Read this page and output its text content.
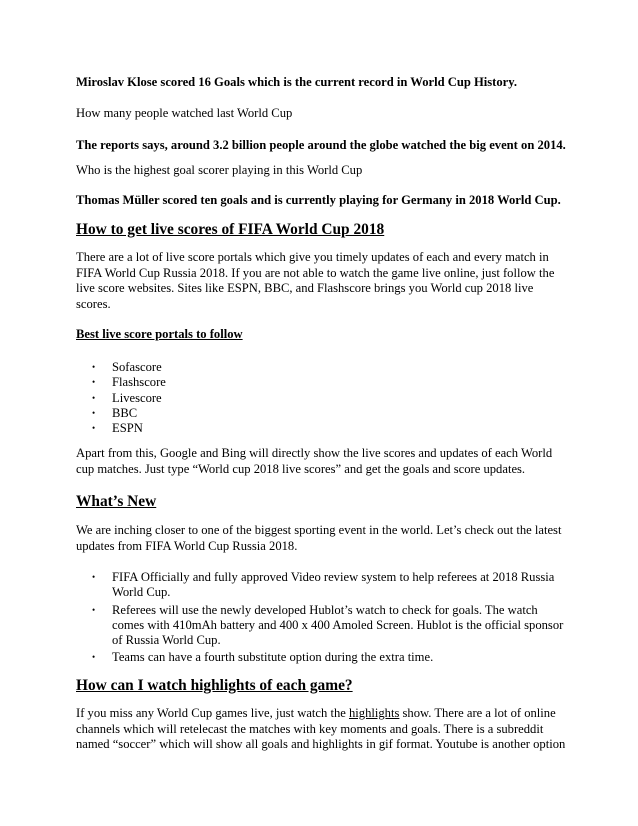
Miroslav Klose scored 16 Goals which is the current record in World Cup History.

How many people watched last World Cup

The reports says, around 3.2 billion people around the globe watched the big event on 2014.

Who is the highest goal scorer playing in this World Cup

Thomas Müller scored ten goals and is currently playing for Germany in 2018 World Cup.

How to get live scores of FIFA World Cup 2018

There are a lot of live score portals which give you timely updates of each and every match in FIFA World Cup Russia 2018. If you are not able to watch the game live online, just follow the live score websites. Sites like ESPN, BBC, and Flashscore brings you World cup 2018 live scores.

Best live score portals to follow

• Sofascore
• Flashscore
• Livescore
• BBC
• ESPN

Apart from this, Google and Bing will directly show the live scores and updates of each World cup matches. Just type “World cup 2018 live scores” and get the goals and score updates.

What’s New

We are inching closer to one of the biggest sporting event in the world. Let’s check out the latest updates from FIFA World Cup Russia 2018.

• FIFA Officially and fully approved Video review system to help referees at 2018 Russia World Cup.
• Referees will use the newly developed Hublot’s watch to check for goals. The watch comes with 410mAh battery and 400 x 400 Amoled Screen. Hublot is the official sponsor of Russia World Cup.
• Teams can have a fourth substitute option during the extra time.
How can I watch highlights of each game?

If you miss any World Cup games live, just watch the highlights show. There are a lot of online channels which will retelecast the matches with key moments and goals. There is a subreddit named “soccer” which will show all goals and highlights in gif format. Youtube is another option
